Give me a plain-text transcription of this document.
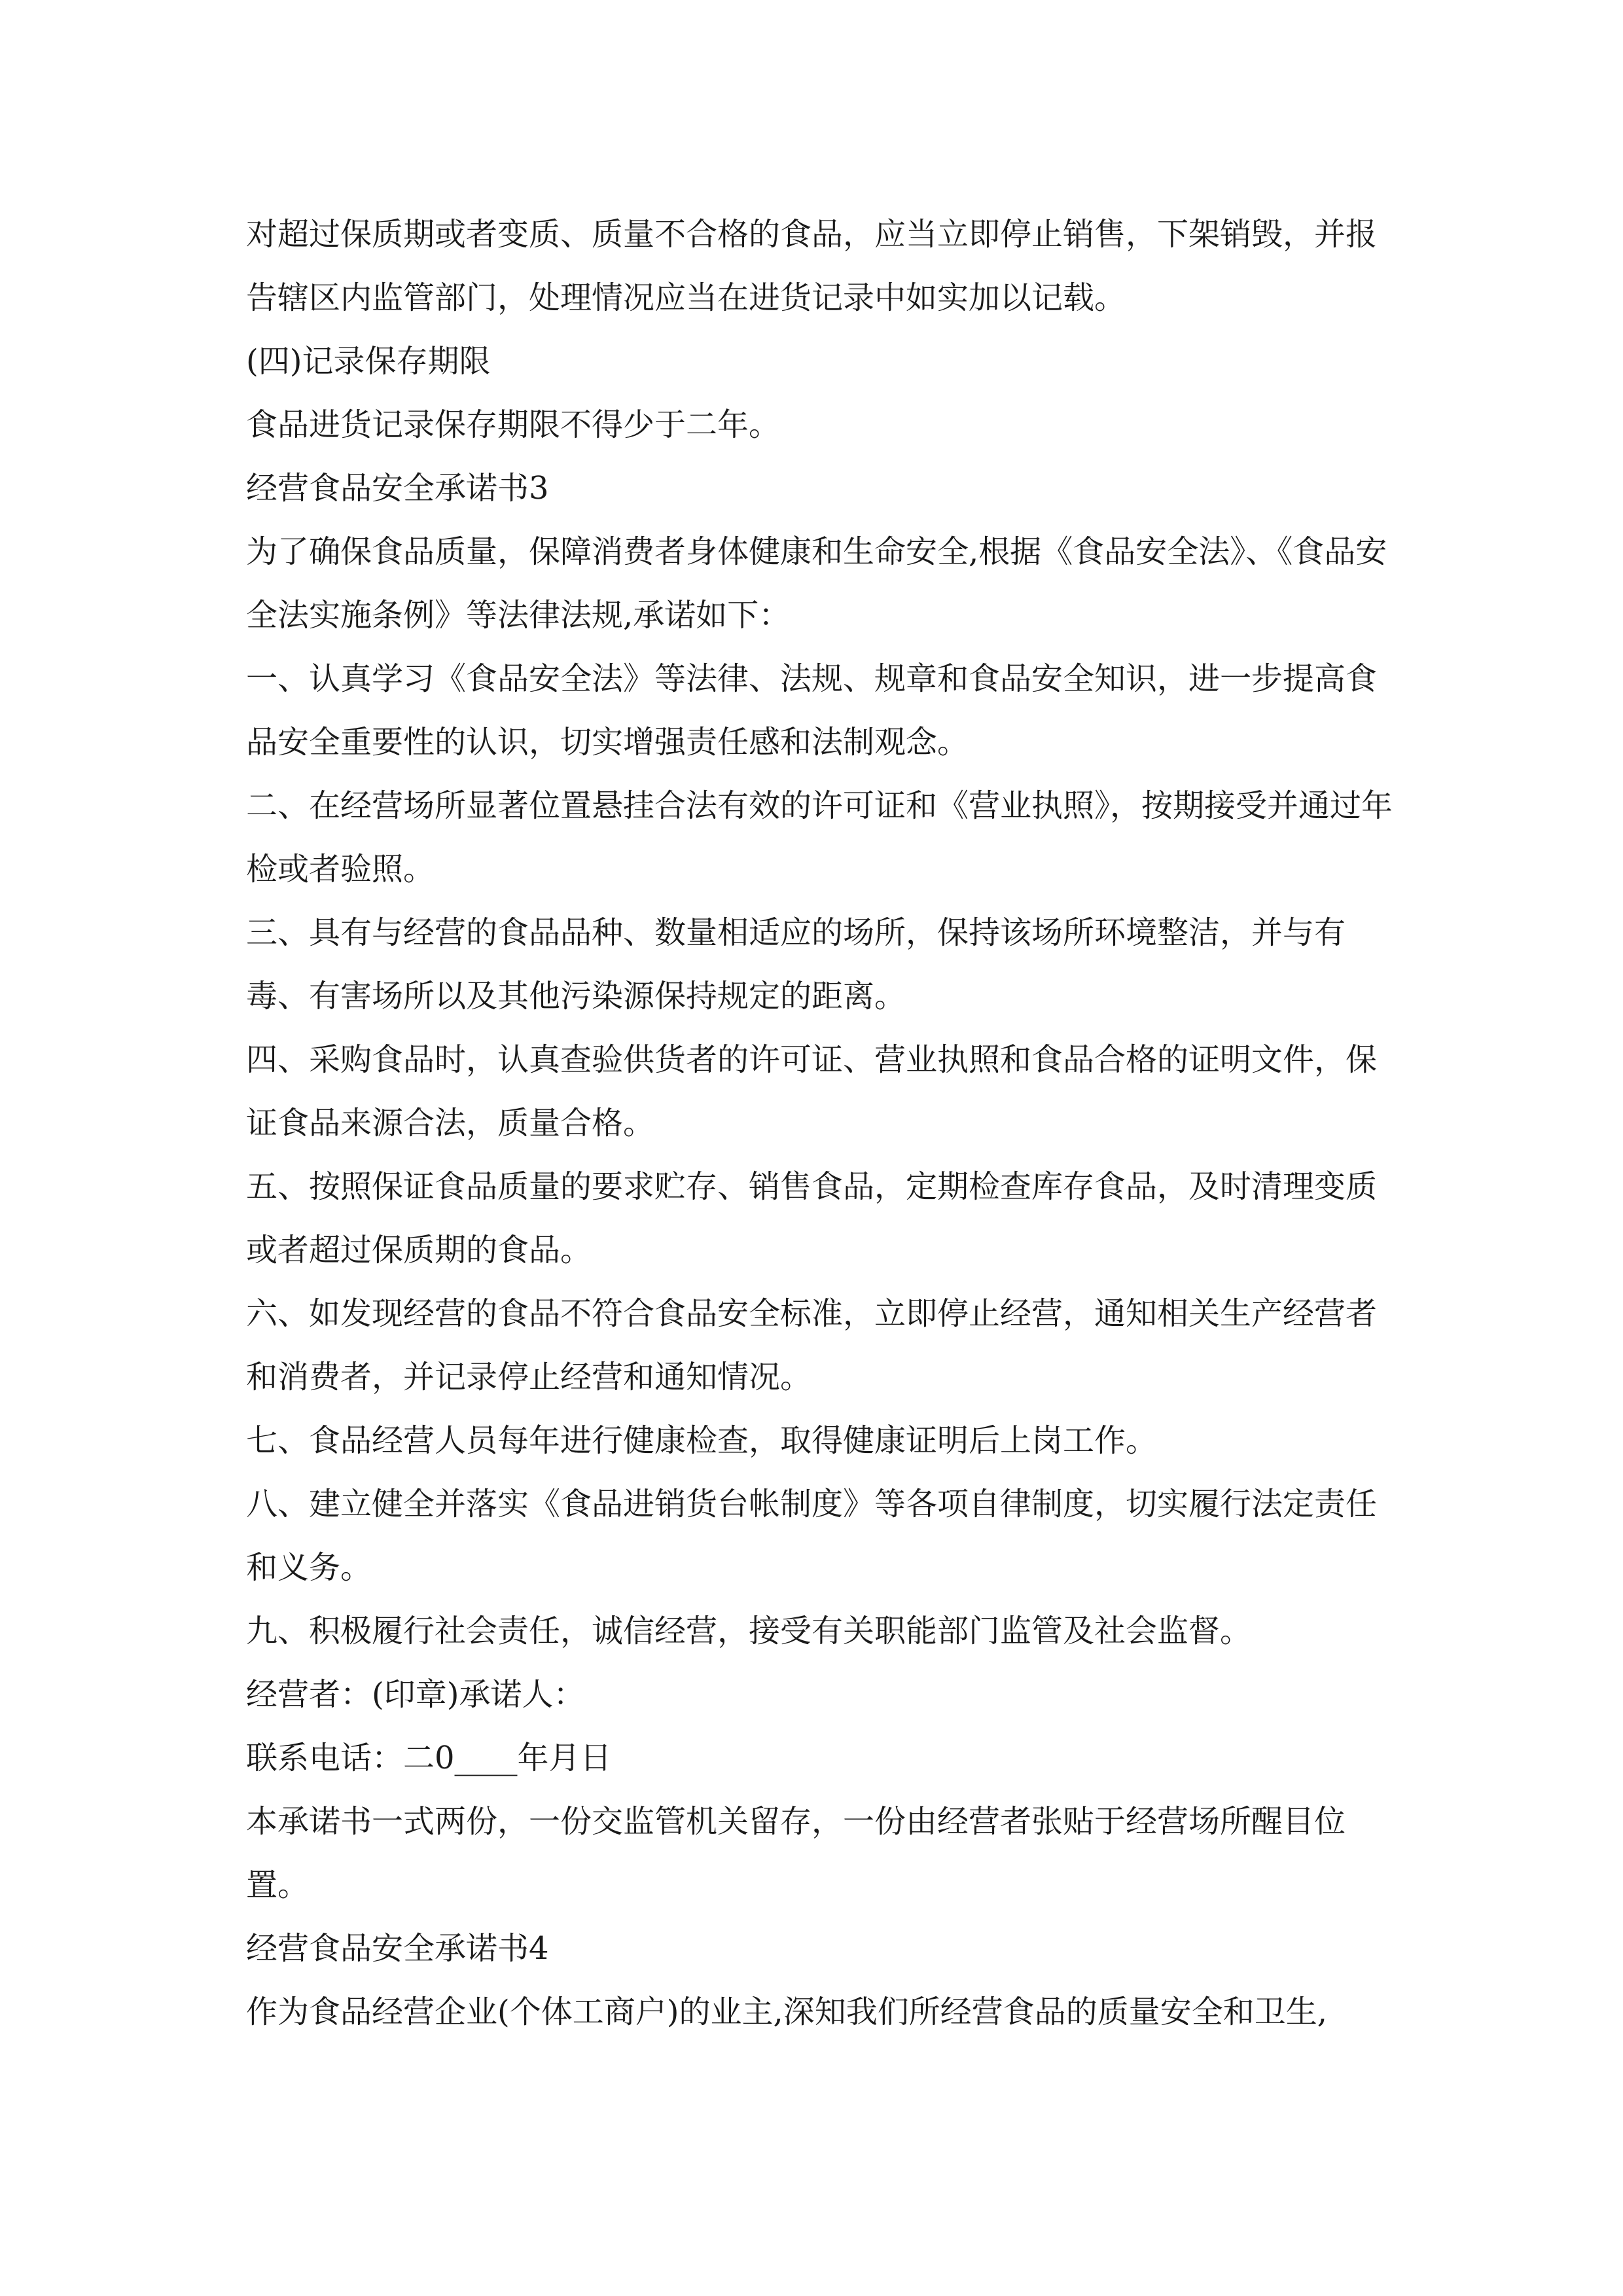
对超过保质期或者变质、质量不合格的食品，应当立即停止销售，下架销毁，并报告辖区内监管部门，处理情况应当在进货记录中如实加以记载。

(四)记录保存期限

食品进货记录保存期限不得少于二年。

经营食品安全承诺书3

为了确保食品质量，保障消费者身体健康和生命安全,根据《食品安全法》、《食品安全法实施条例》等法律法规,承诺如下：

一、认真学习《食品安全法》等法律、法规、规章和食品安全知识，进一步提高食品安全重要性的认识，切实增强责任感和法制观念。

二、在经营场所显著位置悬挂合法有效的许可证和《营业执照》，按期接受并通过年检或者验照。

三、具有与经营的食品品种、数量相适应的场所，保持该场所环境整洁，并与有毒、有害场所以及其他污染源保持规定的距离。

四、采购食品时，认真查验供货者的许可证、营业执照和食品合格的证明文件，保证食品来源合法，质量合格。

五、按照保证食品质量的要求贮存、销售食品，定期检查库存食品，及时清理变质或者超过保质期的食品。

六、如发现经营的食品不符合食品安全标准，立即停止经营，通知相关生产经营者和消费者，并记录停止经营和通知情况。

七、食品经营人员每年进行健康检查，取得健康证明后上岗工作。

八、建立健全并落实《食品进销货台帐制度》等各项自律制度，切实履行法定责任和义务。

九、积极履行社会责任，诚信经营，接受有关职能部门监管及社会监督。

经营者：(印章)承诺人：

联系电话：二0____年月日

本承诺书一式两份，一份交监管机关留存，一份由经营者张贴于经营场所醒目位置。

经营食品安全承诺书4

作为食品经营企业(个体工商户)的业主,深知我们所经营食品的质量安全和卫生,
